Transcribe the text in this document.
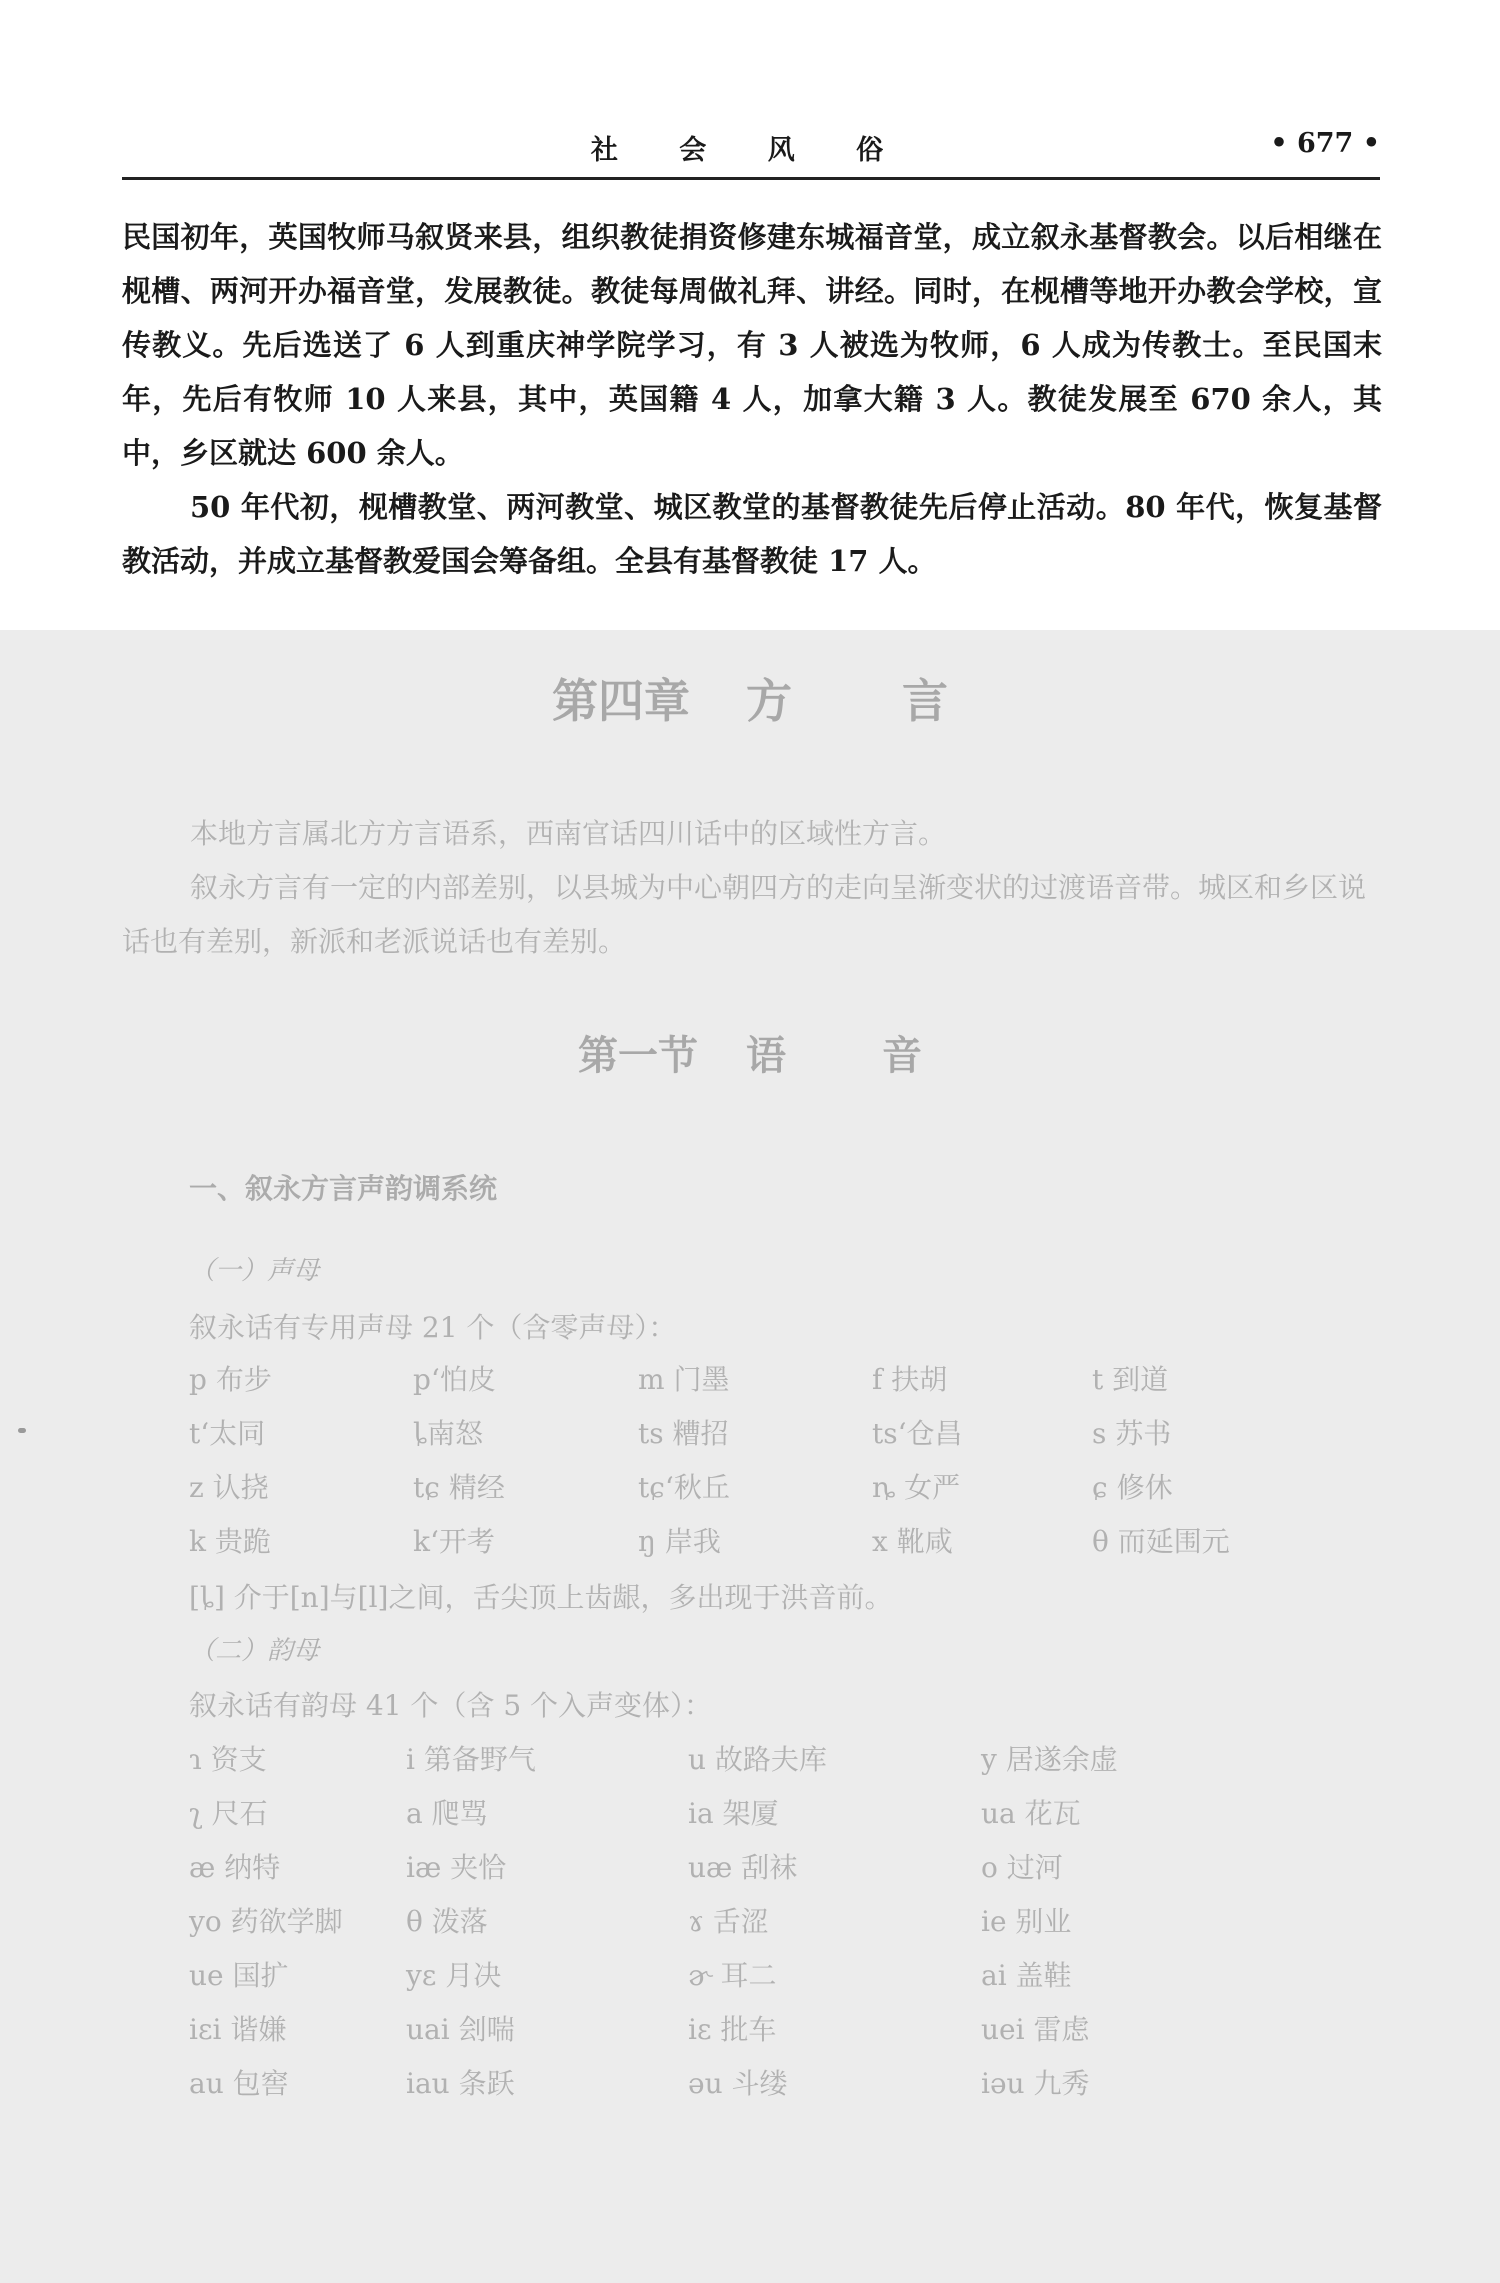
社 会 风 俗	• 677 •

民国初年，英国牧师马叙贤来县，组织教徒捐资修建东城福音堂，成立叙永基督教会。以后相继在枧槽、两河开办福音堂，发展教徒。教徒每周做礼拜、讲经。同时，在枧槽等地开办教会学校，宣传教义。先后选送了 6 人到重庆神学院学习，有 3 人被选为牧师，6 人成为传教士。至民国末年，先后有牧师 10 人来县，其中，英国籍 4 人，加拿大籍 3 人。教徒发展至 670 余人，其中，乡区就达 600 余人。

50 年代初，枧槽教堂、两河教堂、城区教堂的基督教徒先后停止活动。80 年代，恢复基督教活动，并成立基督教爱国会筹备组。全县有基督教徒 17 人。

第四章 方 言

本地方言属北方方言语系，西南官话四川话中的区域性方言。

叙永方言有一定的内部差别，以县城为中心朝四方的走向呈渐变状的过渡语音带。城区和乡区说话也有差别，新派和老派说话也有差别。

第一节 语 音
一、叙永方言声韵调系统
（一）声母
叙永话有专用声母 21 个（含零声母）：
p 布步	p‘怕皮	m 门墨	f 扶胡	t 到道
t‘太同	ȴ南怒	ts 糟招	ts‘仓昌	s 苏书
z 认挠	tɕ 精经	tɕ‘秋丘	ȵ 女严	ɕ 修休
k 贵跪	k‘开考	ŋ 岸我	x 靴咸	θ 而延围元
[ȴ] 介于[n]与[l]之间，舌尖顶上齿龈，多出现于洪音前。
（二）韵母
叙永话有韵母 41 个（含 5 个入声变体）：
ɿ 资支	i 第备野气	u 故路夫库	y 居遂余虚
ʅ 尺石	a 爬骂	ia 架厦	ua 花瓦
æ 纳特	iæ 夹恰	uæ 刮袜	o 过河
yo 药欲学脚 θ 泼落	ɤ 舌涩	ie 别业
ue 国扩	yɛ 月决	ɚ 耳二	ai 盖鞋
iɛi 谐嫌	uai 刽喘	iɛ 批车	uei 雷虑
au 包窖	iau 条跃	əu 斗缕	iəu 九秀
